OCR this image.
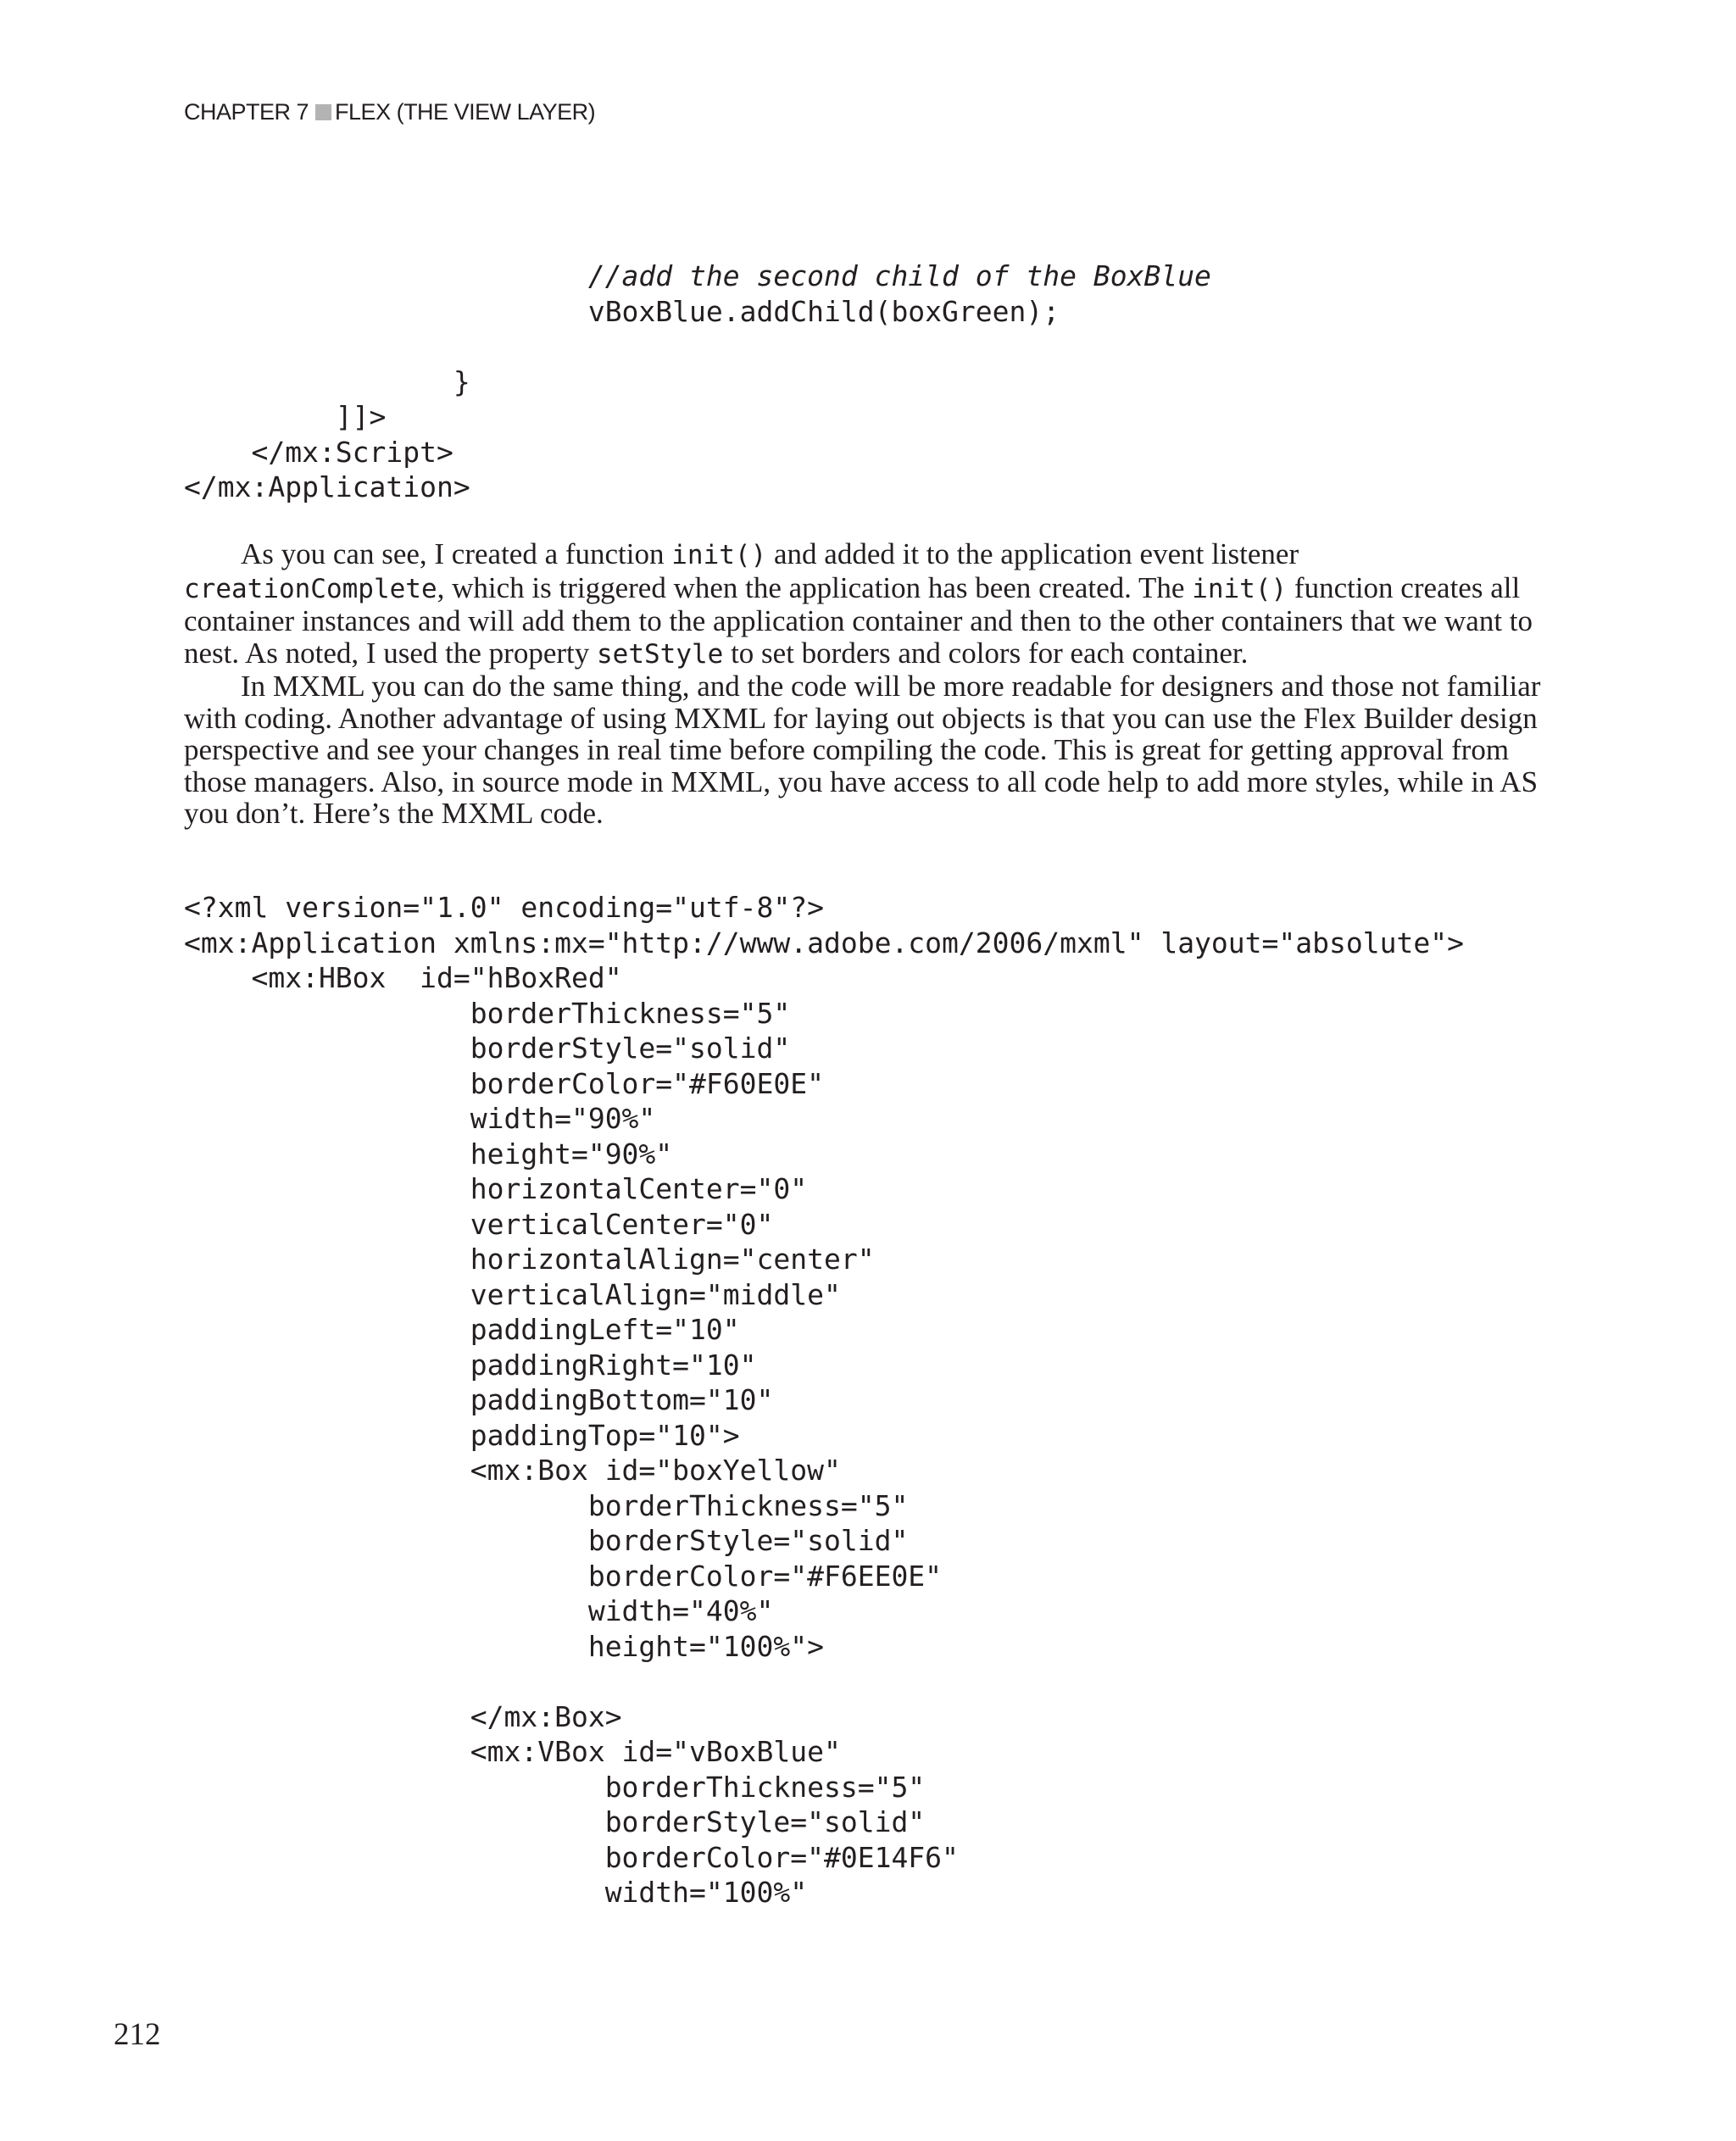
CHAPTER 7 FLEX (THE VIEW LAYER)
//add the second child of the BoxBlue
vBoxBlue.addChild(boxGreen);
}
]]>
</mx:Script>
</mx:Application>

As you can see, I created a function init() and added it to the application event listener creationComplete, which is triggered when the application has been created. The init() function creates all container instances and will add them to the application container and then to the other containers that we want to nest. As noted, I used the property setStyle to set borders and colors for each container.

In MXML you can do the same thing, and the code will be more readable for designers and those not familiar with coding. Another advantage of using MXML for laying out objects is that you can use the Flex Builder design perspective and see your changes in real time before compiling the code. This is great for getting approval from those managers. Also, in source mode in MXML, you have access to all code help to add more styles, while in AS you don’t. Here’s the MXML code.

<?xml version="1.0" encoding="utf-8"?>
<mx:Application xmlns:mx="http://www.adobe.com/2006/mxml" layout="absolute">
<mx:HBox  id="hBoxRed"
borderThickness="5"
borderStyle="solid"
borderColor="#F60E0E"
width="90%"
height="90%"
horizontalCenter="0"
verticalCenter="0"
horizontalAlign="center"
verticalAlign="middle"
paddingLeft="10"
paddingRight="10"
paddingBottom="10"
paddingTop="10">
<mx:Box id="boxYellow"
borderThickness="5"
borderStyle="solid"
borderColor="#F6EE0E"
width="40%"
height="100%">
</mx:Box>
<mx:VBox id="vBoxBlue"
borderThickness="5"
borderStyle="solid"
borderColor="#0E14F6"
width="100%"
212
